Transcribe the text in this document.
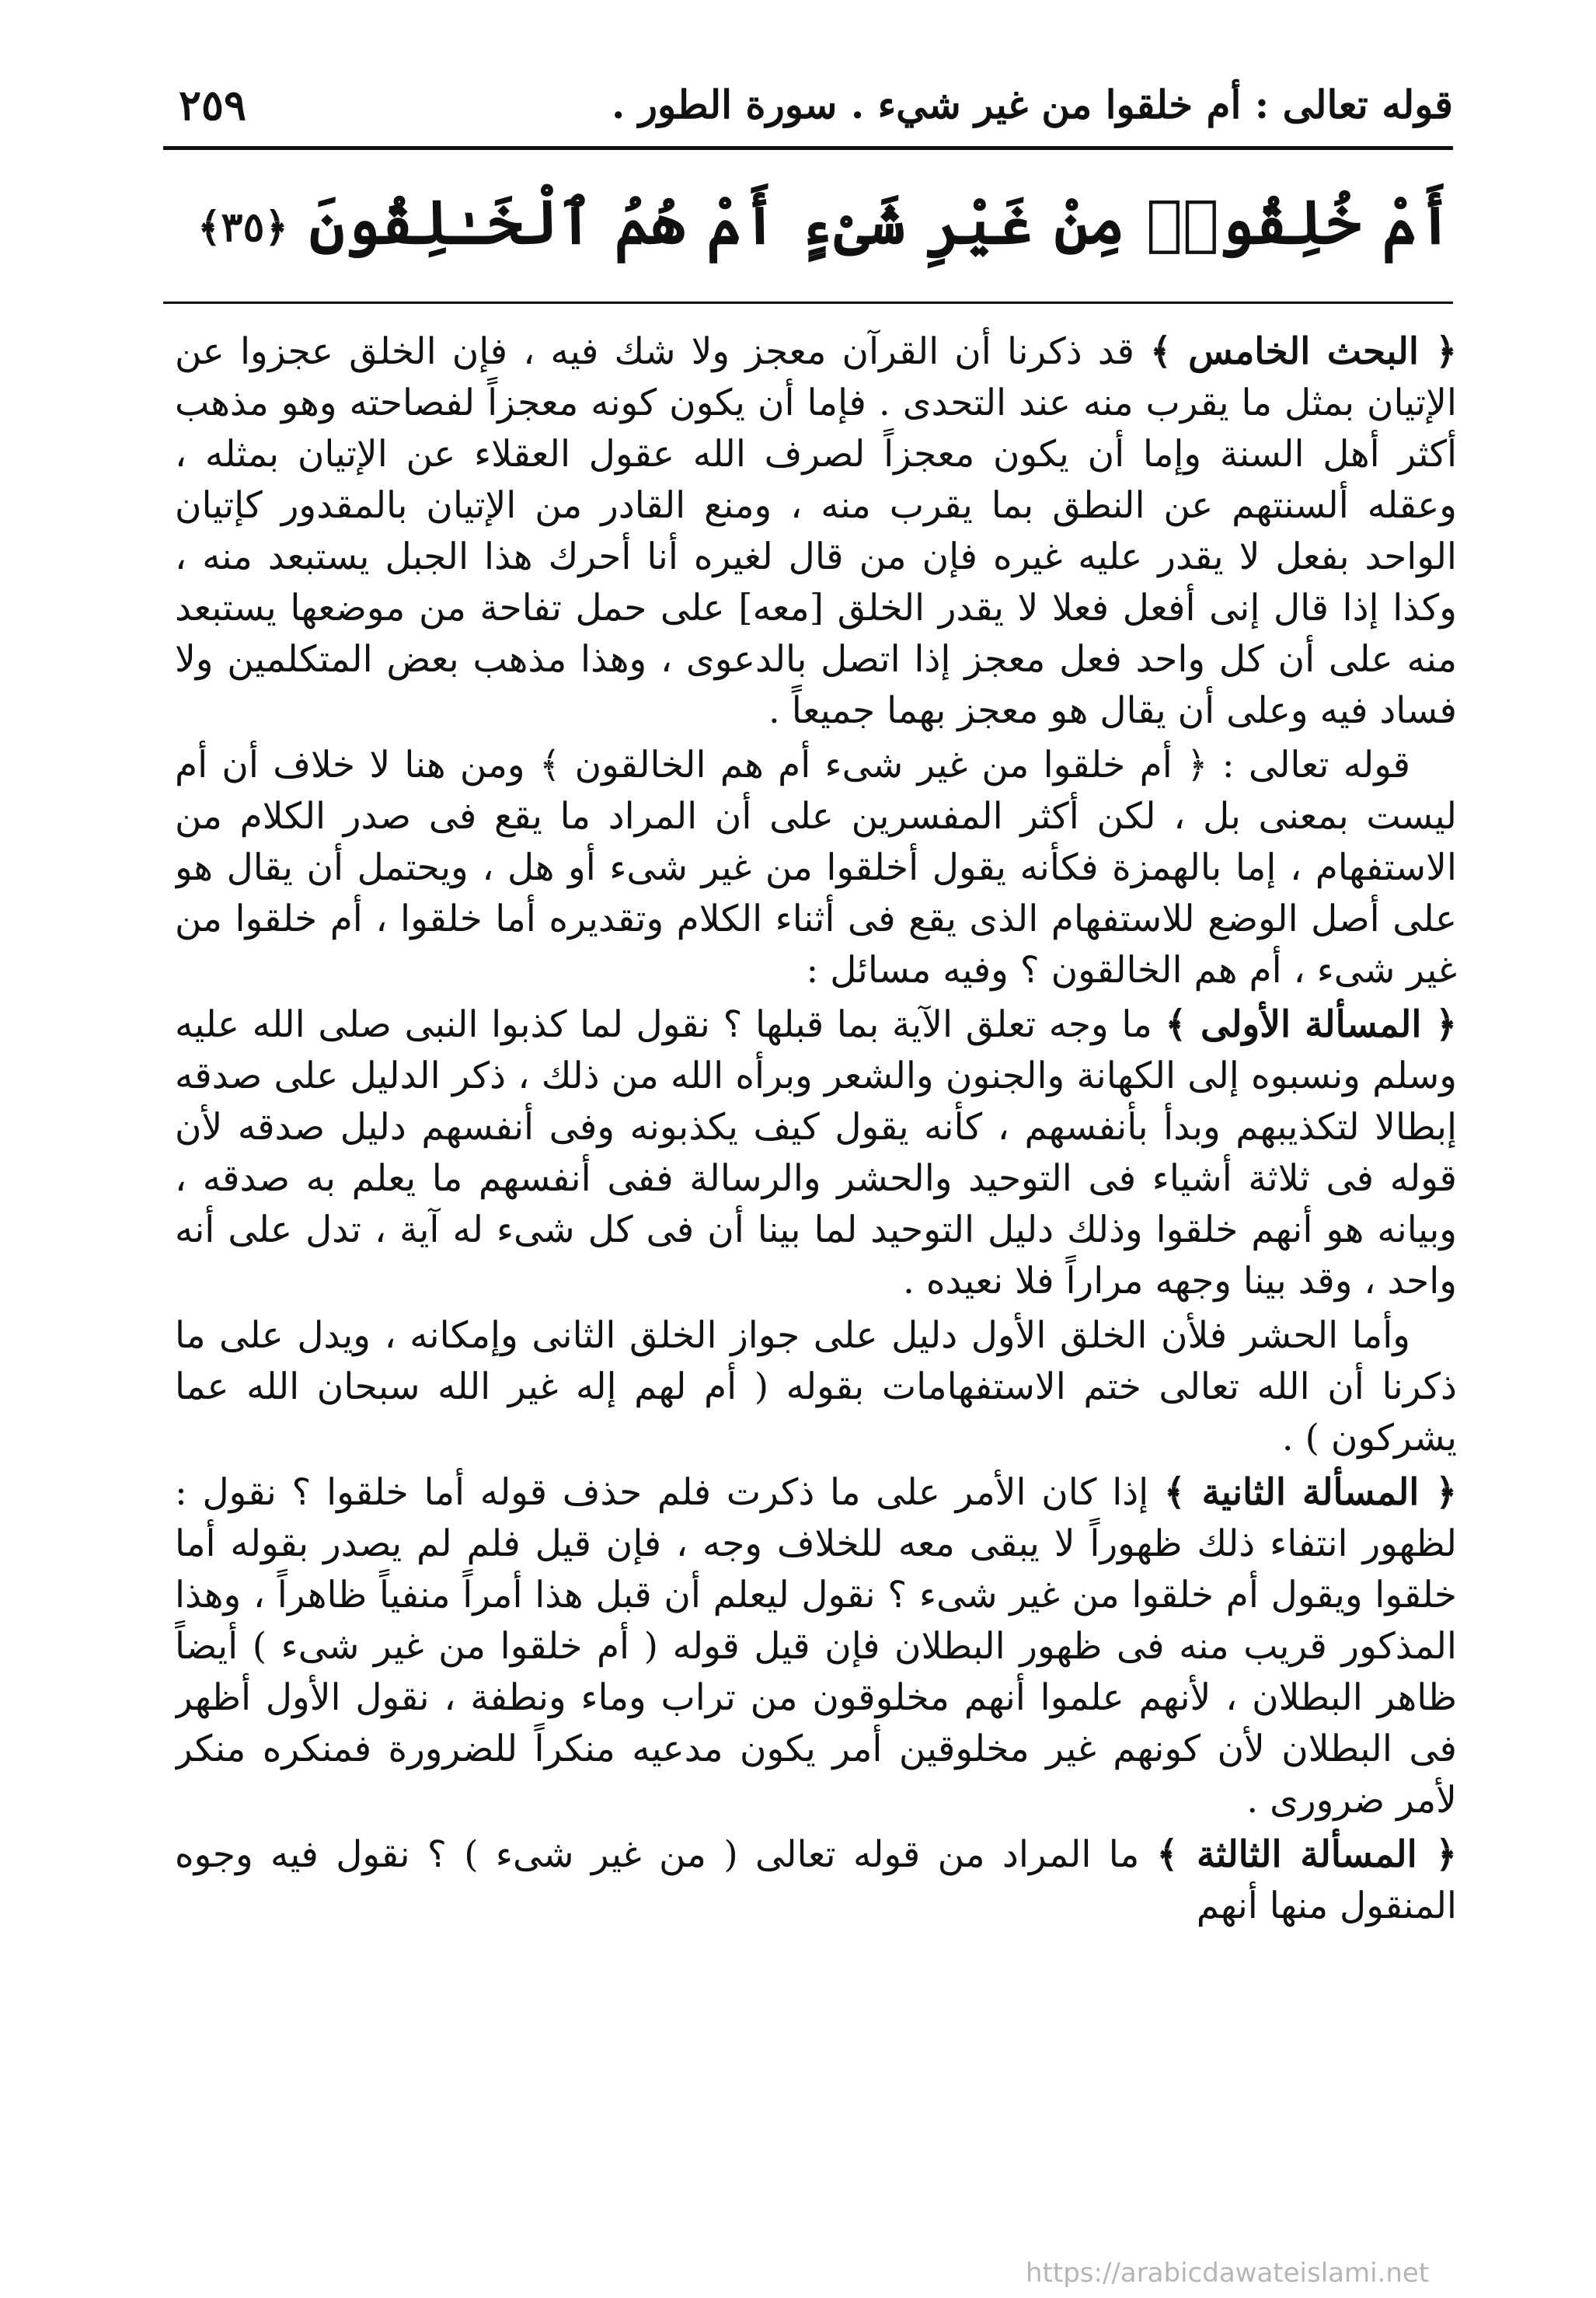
قوله تعالى : أم خلقوا من غير شيء . سورة الطور .
٢٥٩
أَمْ خُلِقُوا۟ مِنْ غَيْرِ شَىْءٍ أَمْ هُمُ ٱلْخَـٰلِقُونَ ﴿٣٥﴾

﴿ البحث الخامس ﴾ قد ذكرنا أن القرآن معجز ولا شك فيه ، فإن الخلق عجزوا عن الإتيان بمثل ما يقرب منه عند التحدى . فإما أن يكون كونه معجزاً لفصاحته وهو مذهب أكثر أهل السنة وإما أن يكون معجزاً لصرف الله عقول العقلاء عن الإتيان بمثله ، وعقله ألسنتهم عن النطق بما يقرب منه ، ومنع القادر من الإتيان بالمقدور كإتيان الواحد بفعل لا يقدر عليه غيره فإن من قال لغيره أنا أحرك هذا الجبل يستبعد منه ، وكذا إذا قال إنى أفعل فعلا لا يقدر الخلق [معه] على حمل تفاحة من موضعها يستبعد منه على أن كل واحد فعل معجز إذا اتصل بالدعوى ، وهذا مذهب بعض المتكلمين ولا فساد فيه وعلى أن يقال هو معجز بهما جميعاً .

قوله تعالى : ﴿ أم خلقوا من غير شىء أم هم الخالقون ﴾ ومن هنا لا خلاف أن أم ليست بمعنى بل ، لكن أكثر المفسرين على أن المراد ما يقع فى صدر الكلام من الاستفهام ، إما بالهمزة فكأنه يقول أخلقوا من غير شىء أو هل ، ويحتمل أن يقال هو على أصل الوضع للاستفهام الذى يقع فى أثناء الكلام وتقديره أما خلقوا ، أم خلقوا من غير شىء ، أم هم الخالقون ؟ وفيه مسائل :

﴿ المسألة الأولى ﴾ ما وجه تعلق الآية بما قبلها ؟ نقول لما كذبوا النبى صلى الله عليه وسلم ونسبوه إلى الكهانة والجنون والشعر وبرأه الله من ذلك ، ذكر الدليل على صدقه إبطالا لتكذيبهم وبدأ بأنفسهم ، كأنه يقول كيف يكذبونه وفى أنفسهم دليل صدقه لأن قوله فى ثلاثة أشياء فى التوحيد والحشر والرسالة ففى أنفسهم ما يعلم به صدقه ، وبيانه هو أنهم خلقوا وذلك دليل التوحيد لما بينا أن فى كل شىء له آية ، تدل على أنه واحد ، وقد بينا وجهه مراراً فلا نعيده .

وأما الحشر فلأن الخلق الأول دليل على جواز الخلق الثانى وإمكانه ، ويدل على ما ذكرنا أن الله تعالى ختم الاستفهامات بقوله ( أم لهم إله غير الله سبحان الله عما يشركون ) .

﴿ المسألة الثانية ﴾ إذا كان الأمر على ما ذكرت فلم حذف قوله أما خلقوا ؟ نقول : لظهور انتفاء ذلك ظهوراً لا يبقى معه للخلاف وجه ، فإن قيل فلم لم يصدر بقوله أما خلقوا ويقول أم خلقوا من غير شىء ؟ نقول ليعلم أن قبل هذا أمراً منفياً ظاهراً ، وهذا المذكور قريب منه فى ظهور البطلان فإن قيل قوله ( أم خلقوا من غير شىء ) أيضاً ظاهر البطلان ، لأنهم علموا أنهم مخلوقون من تراب وماء ونطفة ، نقول الأول أظهر فى البطلان لأن كونهم غير مخلوقين أمر يكون مدعيه منكراً للضرورة فمنكره منكر لأمر ضرورى .

﴿ المسألة الثالثة ﴾ ما المراد من قوله تعالى ( من غير شىء ) ؟ نقول فيه وجوه المنقول منها أنهم

https://arabicdawateislami.net
